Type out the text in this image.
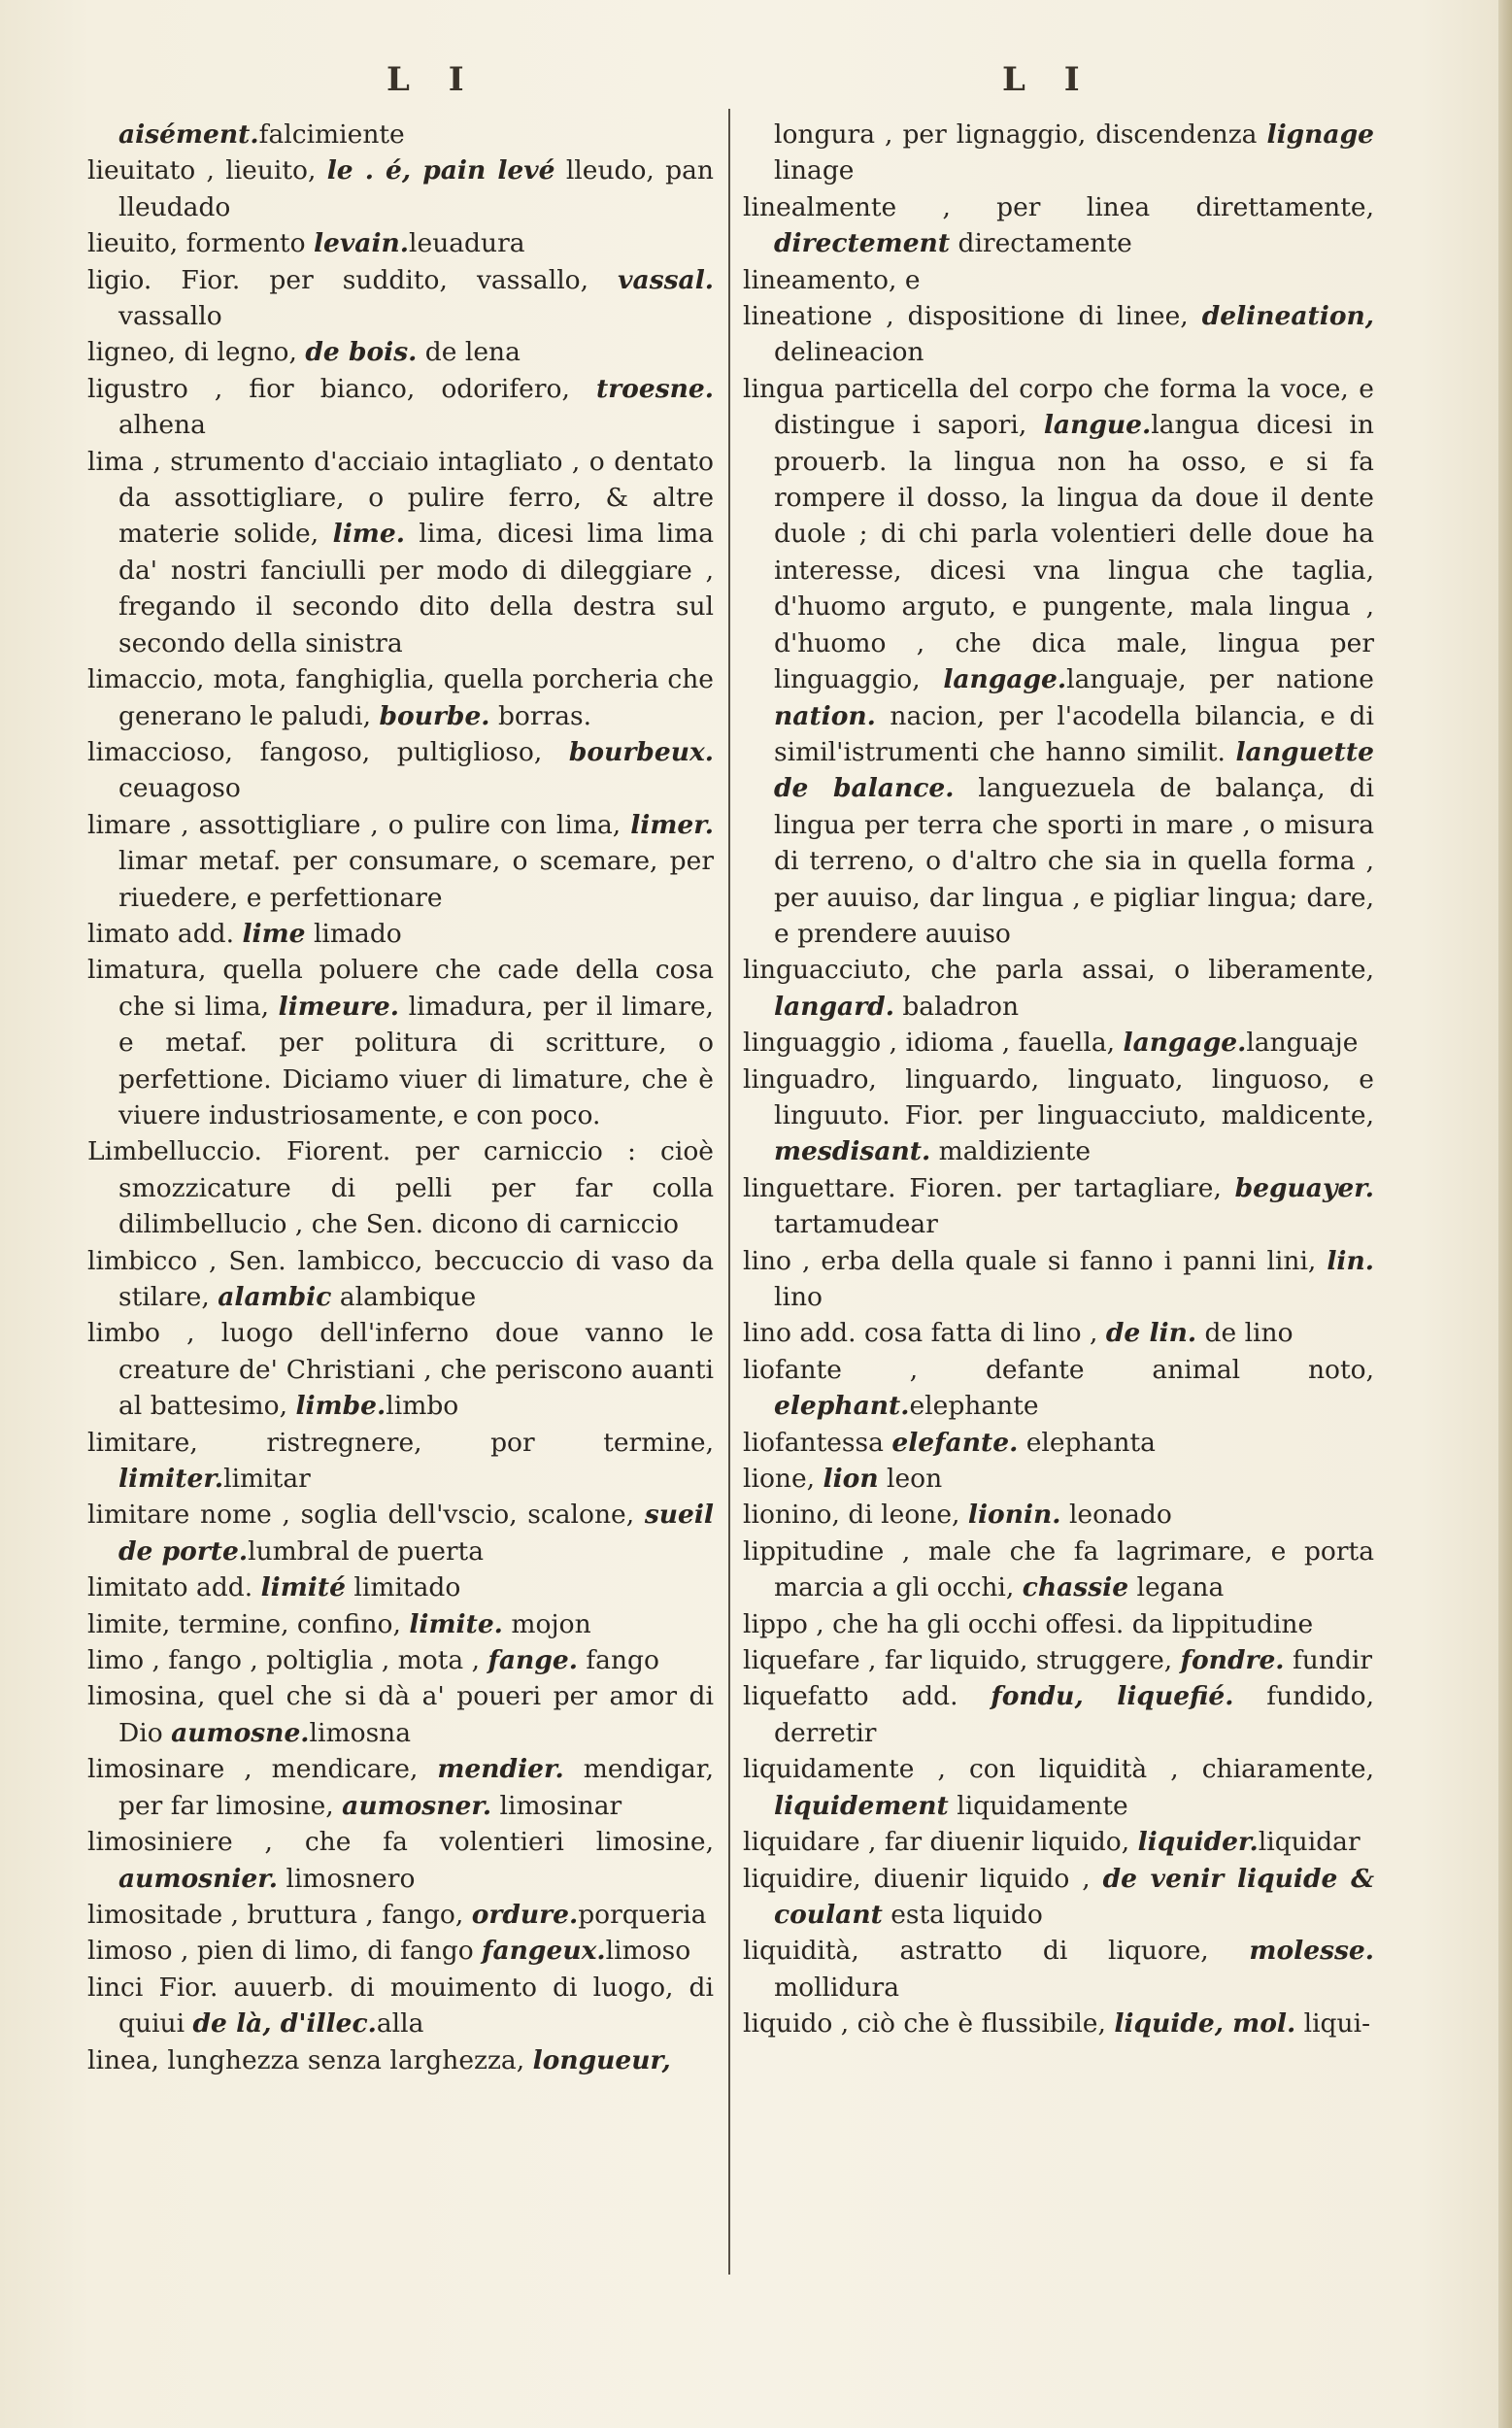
L I	L I
aisément.falcimiente
lieuitato , lieuito, le . é, pain levé lleudo, pan lleudado
lieuito, formento levain.leuadura
ligio. Fior. per suddito, vassallo, vassal. vassallo
ligneo, di legno, de bois. de lena
ligustro , fior bianco, odorifero, troesne. alhena
lima , strumento d'acciaio intagliato , o dentato da assottigliare, o pulire ferro, & altre materie solide, lime. lima, dicesi lima lima da' nostri fanciulli per modo di dileggiare , fregando il secondo dito della destra sul secondo della sinistra
limaccio, mota, fanghiglia, quella porcheria che generano le paludi, bourbe. borras.
limaccioso, fangoso, pultiglioso, bourbeux. ceuagoso
limare , assottigliare , o pulire con lima, limer. limar metaf. per consumare, o scemare, per riuedere, e perfettionare
limato add. lime limado
limatura, quella poluere che cade della cosa che si lima, limeure. limadura, per il limare, e metaf. per politura di scritture, o perfettione. Diciamo viuer di limature, che è viuere industriosamente, e con poco.
Limbelluccio. Fiorent. per carniccio : cioè smozzicature di pelli per far colla dilimbellucio , che Sen. dicono di carniccio
limbicco , Sen. lambicco, beccuccio di vaso da stilare, alambic alambique
limbo , luogo dell'inferno doue vanno le creature de' Christiani , che periscono auanti al battesimo, limbe.limbo
limitare, ristregnere, por termine, limiter.limitar
limitare nome , soglia dell'vscio, scalone, sueil de porte.lumbral de puerta
limitato add. limité limitado
limite, termine, confino, limite. mojon
limo , fango , poltiglia , mota , fange. fango
limosina, quel che si dà a' poueri per amor di Dio aumosne.limosna
limosinare , mendicare, mendier. mendigar, per far limosine, aumosner. limosinar
limosiniere , che fa volentieri limosine, aumosnier. limosnero
limositade , bruttura , fango, ordure.porqueria
limoso , pien di limo, di fango fangeux.limoso
linci Fior. auuerb. di mouimento di luogo, di quiui de là, d'illec.alla
linea, lunghezza senza larghezza, longueur,
longura , per lignaggio, discendenza lignage linage
linealmente , per linea direttamente, directement directamente
lineamento, e
lineatione , dispositione di linee, delineation, delineacion
lingua particella del corpo che forma la voce, e distingue i sapori, langue.langua dicesi in prouerb. la lingua non ha osso, e si fa rompere il dosso, la lingua da doue il dente duole ; di chi parla volentieri delle doue ha interesse, dicesi vna lingua che taglia, d'huomo arguto, e pungente, mala lingua , d'huomo , che dica male, lingua per linguaggio, langage.languaje, per natione nation. nacion, per l'acodella bilancia, e di simil'istrumenti che hanno similit. languette de balance. languezuela de balança, di lingua per terra che sporti in mare , o misura di terreno, o d'altro che sia in quella forma , per auuiso, dar lingua , e pigliar lingua; dare, e prendere auuiso
linguacciuto, che parla assai, o liberamente, langard. baladron
linguaggio , idioma , fauella, langage.languaje
linguadro, linguardo, linguato, linguoso, e linguuto. Fior. per linguacciuto, maldicente, mesdisant. maldiziente
linguettare. Fioren. per tartagliare, beguayer. tartamudear
lino , erba della quale si fanno i panni lini, lin. lino
lino add. cosa fatta di lino , de lin. de lino
liofante , defante animal noto, elephant.elephante
liofantessa elefante. elephanta
lione, lion leon
lionino, di leone, lionin. leonado
lippitudine , male che fa lagrimare, e porta marcia a gli occhi, chassie legana
lippo , che ha gli occhi offesi. da lippitudine
liquefare , far liquido, struggere, fondre. fundir
liquefatto add. fondu, liquefié. fundido, derretir
liquidamente , con liquidità , chiaramente, liquidement liquidamente
liquidare , far diuenir liquido, liquider.liquidar
liquidire, diuenir liquido , de venir liquide & coulant esta liquido
liquidità, astratto di liquore, molesse. mollidura
liquido , ciò che è flussibile, liquide, mol. liqui-
